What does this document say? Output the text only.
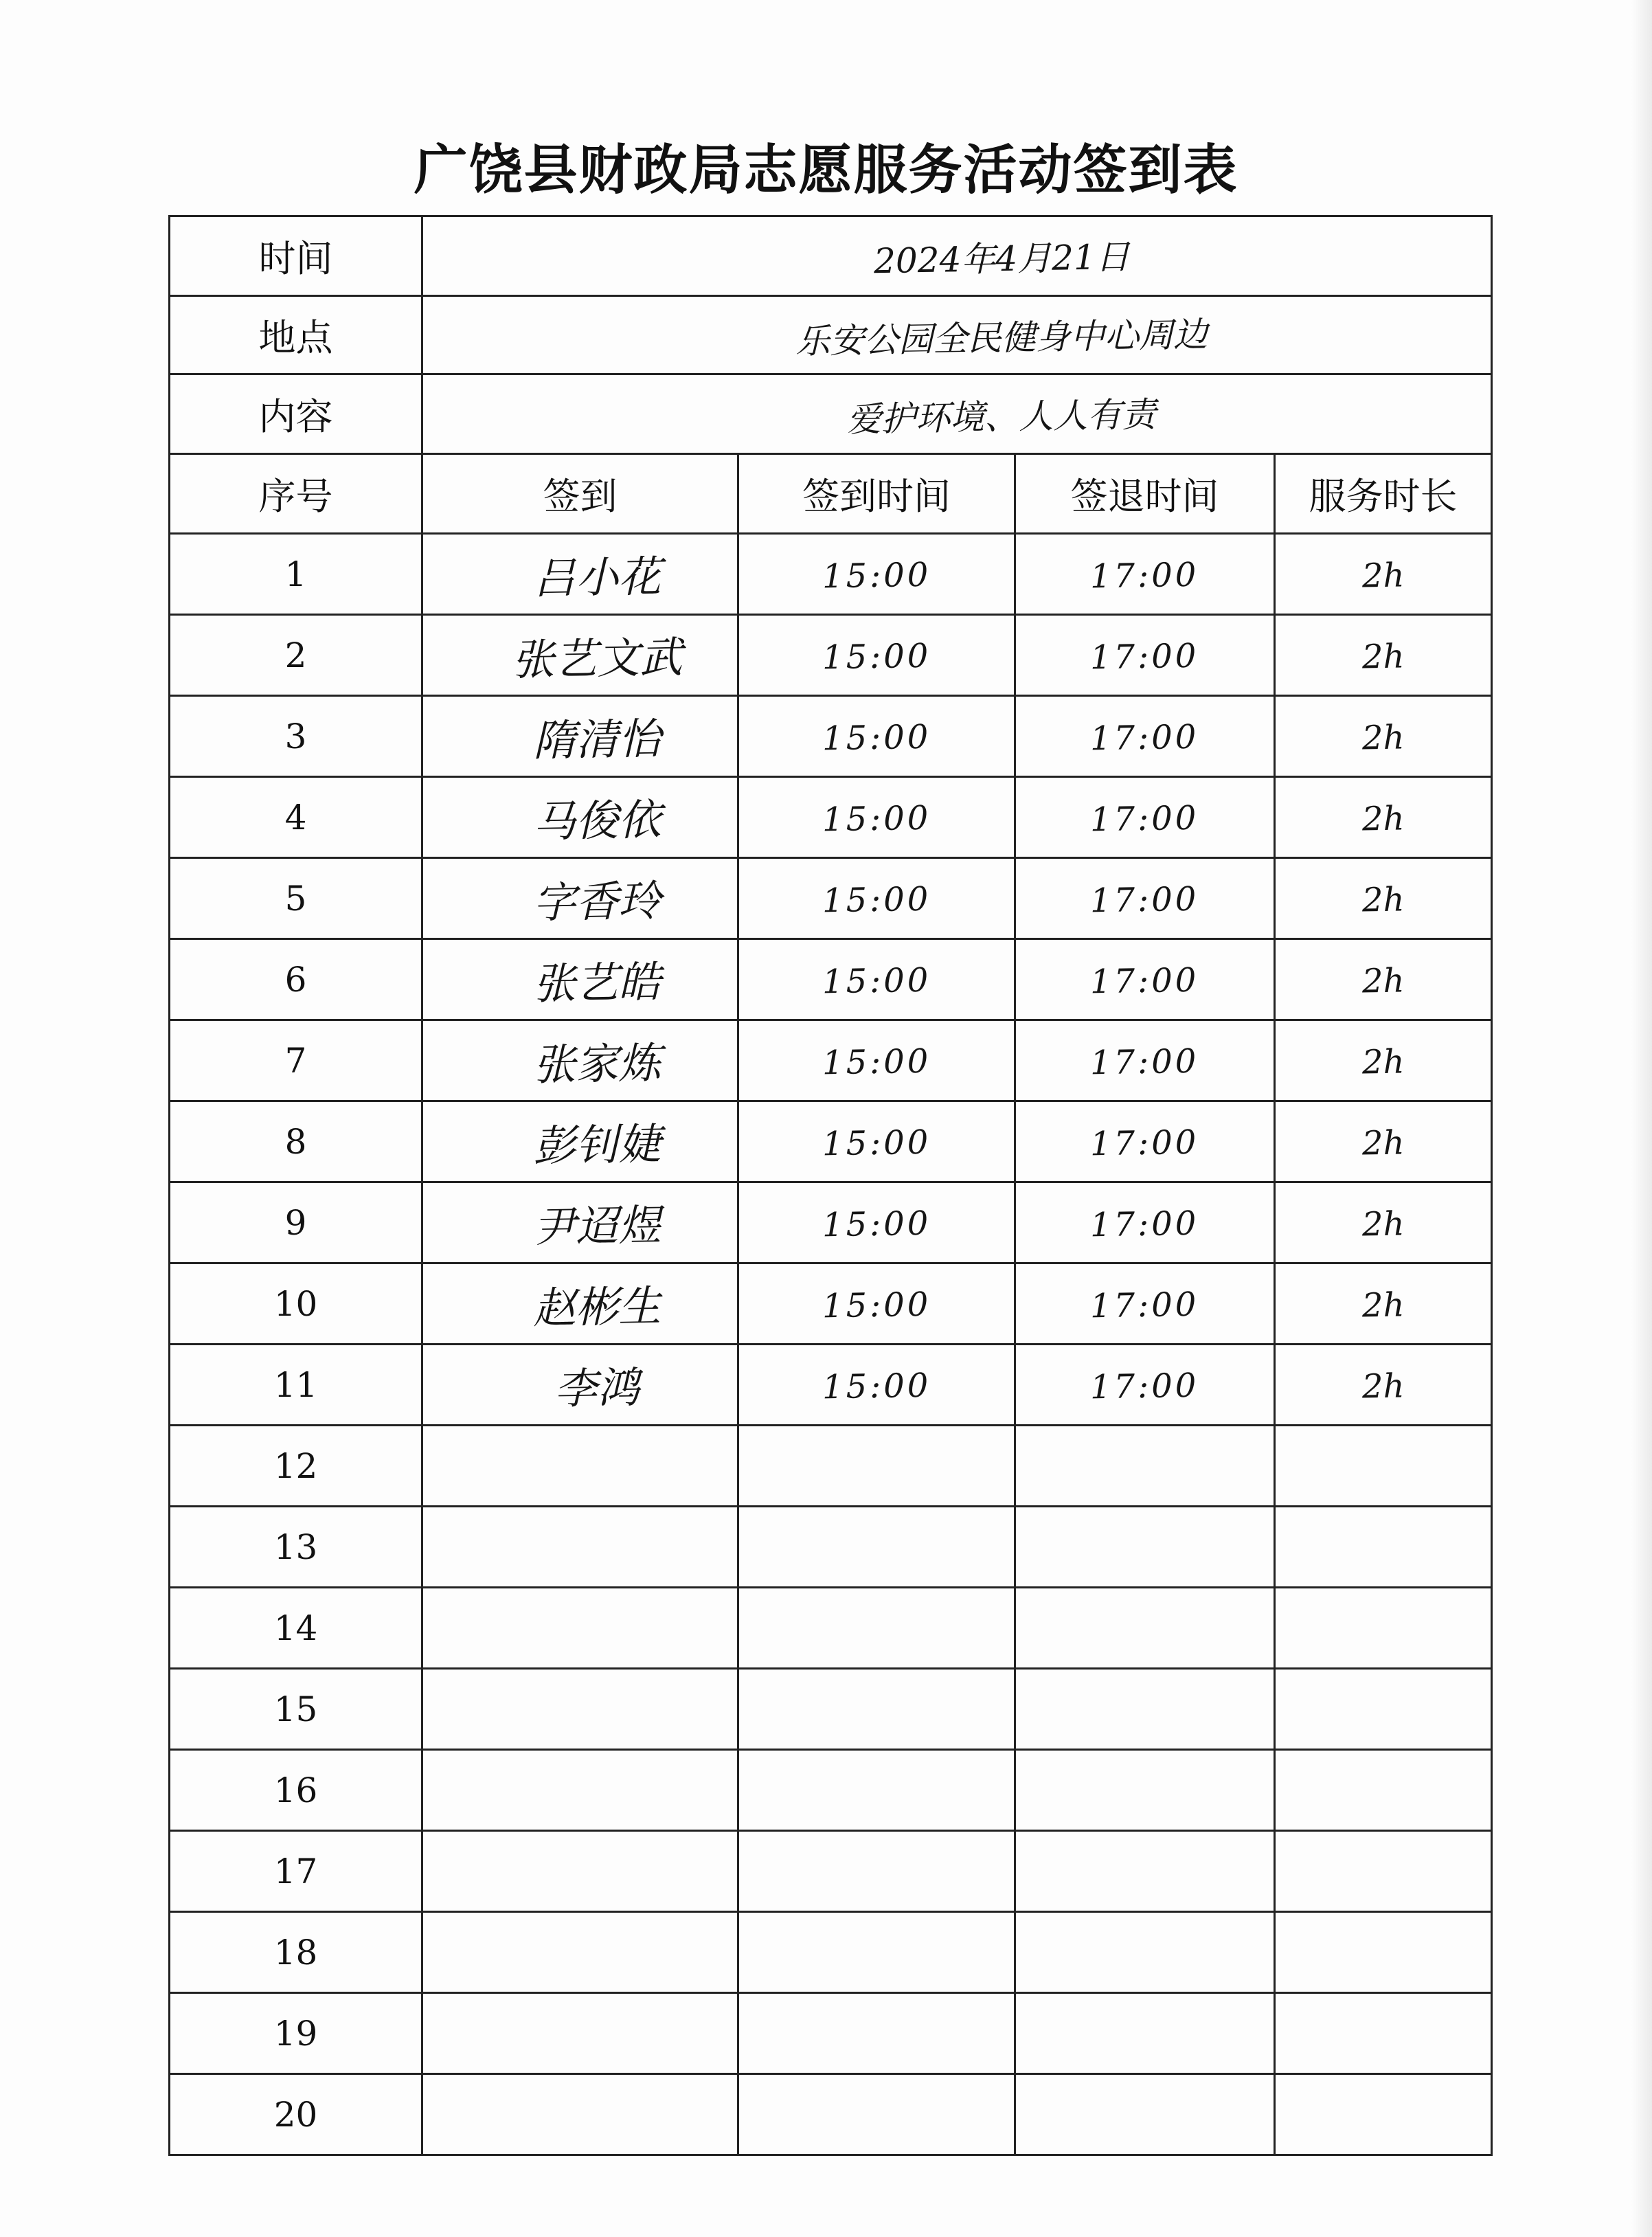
广饶县财政局志愿服务活动签到表
时间	2024年4月21日			
地点	乐安公园全民健身中心周边			
内容	爱护环境、人人有责			
序号	签到	签到时间	签退时间	服务时长
1	吕小花	15:00	17:00	2h
2	张艺文武	15:00	17:00	2h
3	隋清怡	15:00	17:00	2h
4	马俊依	15:00	17:00	2h
5	字香玲	15:00	17:00	2h
6	张艺皓	15:00	17:00	2h
7	张家炼	15:00	17:00	2h
8	彭钊婕	15:00	17:00	2h
9	尹迢煜	15:00	17:00	2h
10	赵彬生	15:00	17:00	2h
11	李鸿	15:00	17:00	2h
12				
13				
14				
15				
16				
17				
18				
19				
20				
